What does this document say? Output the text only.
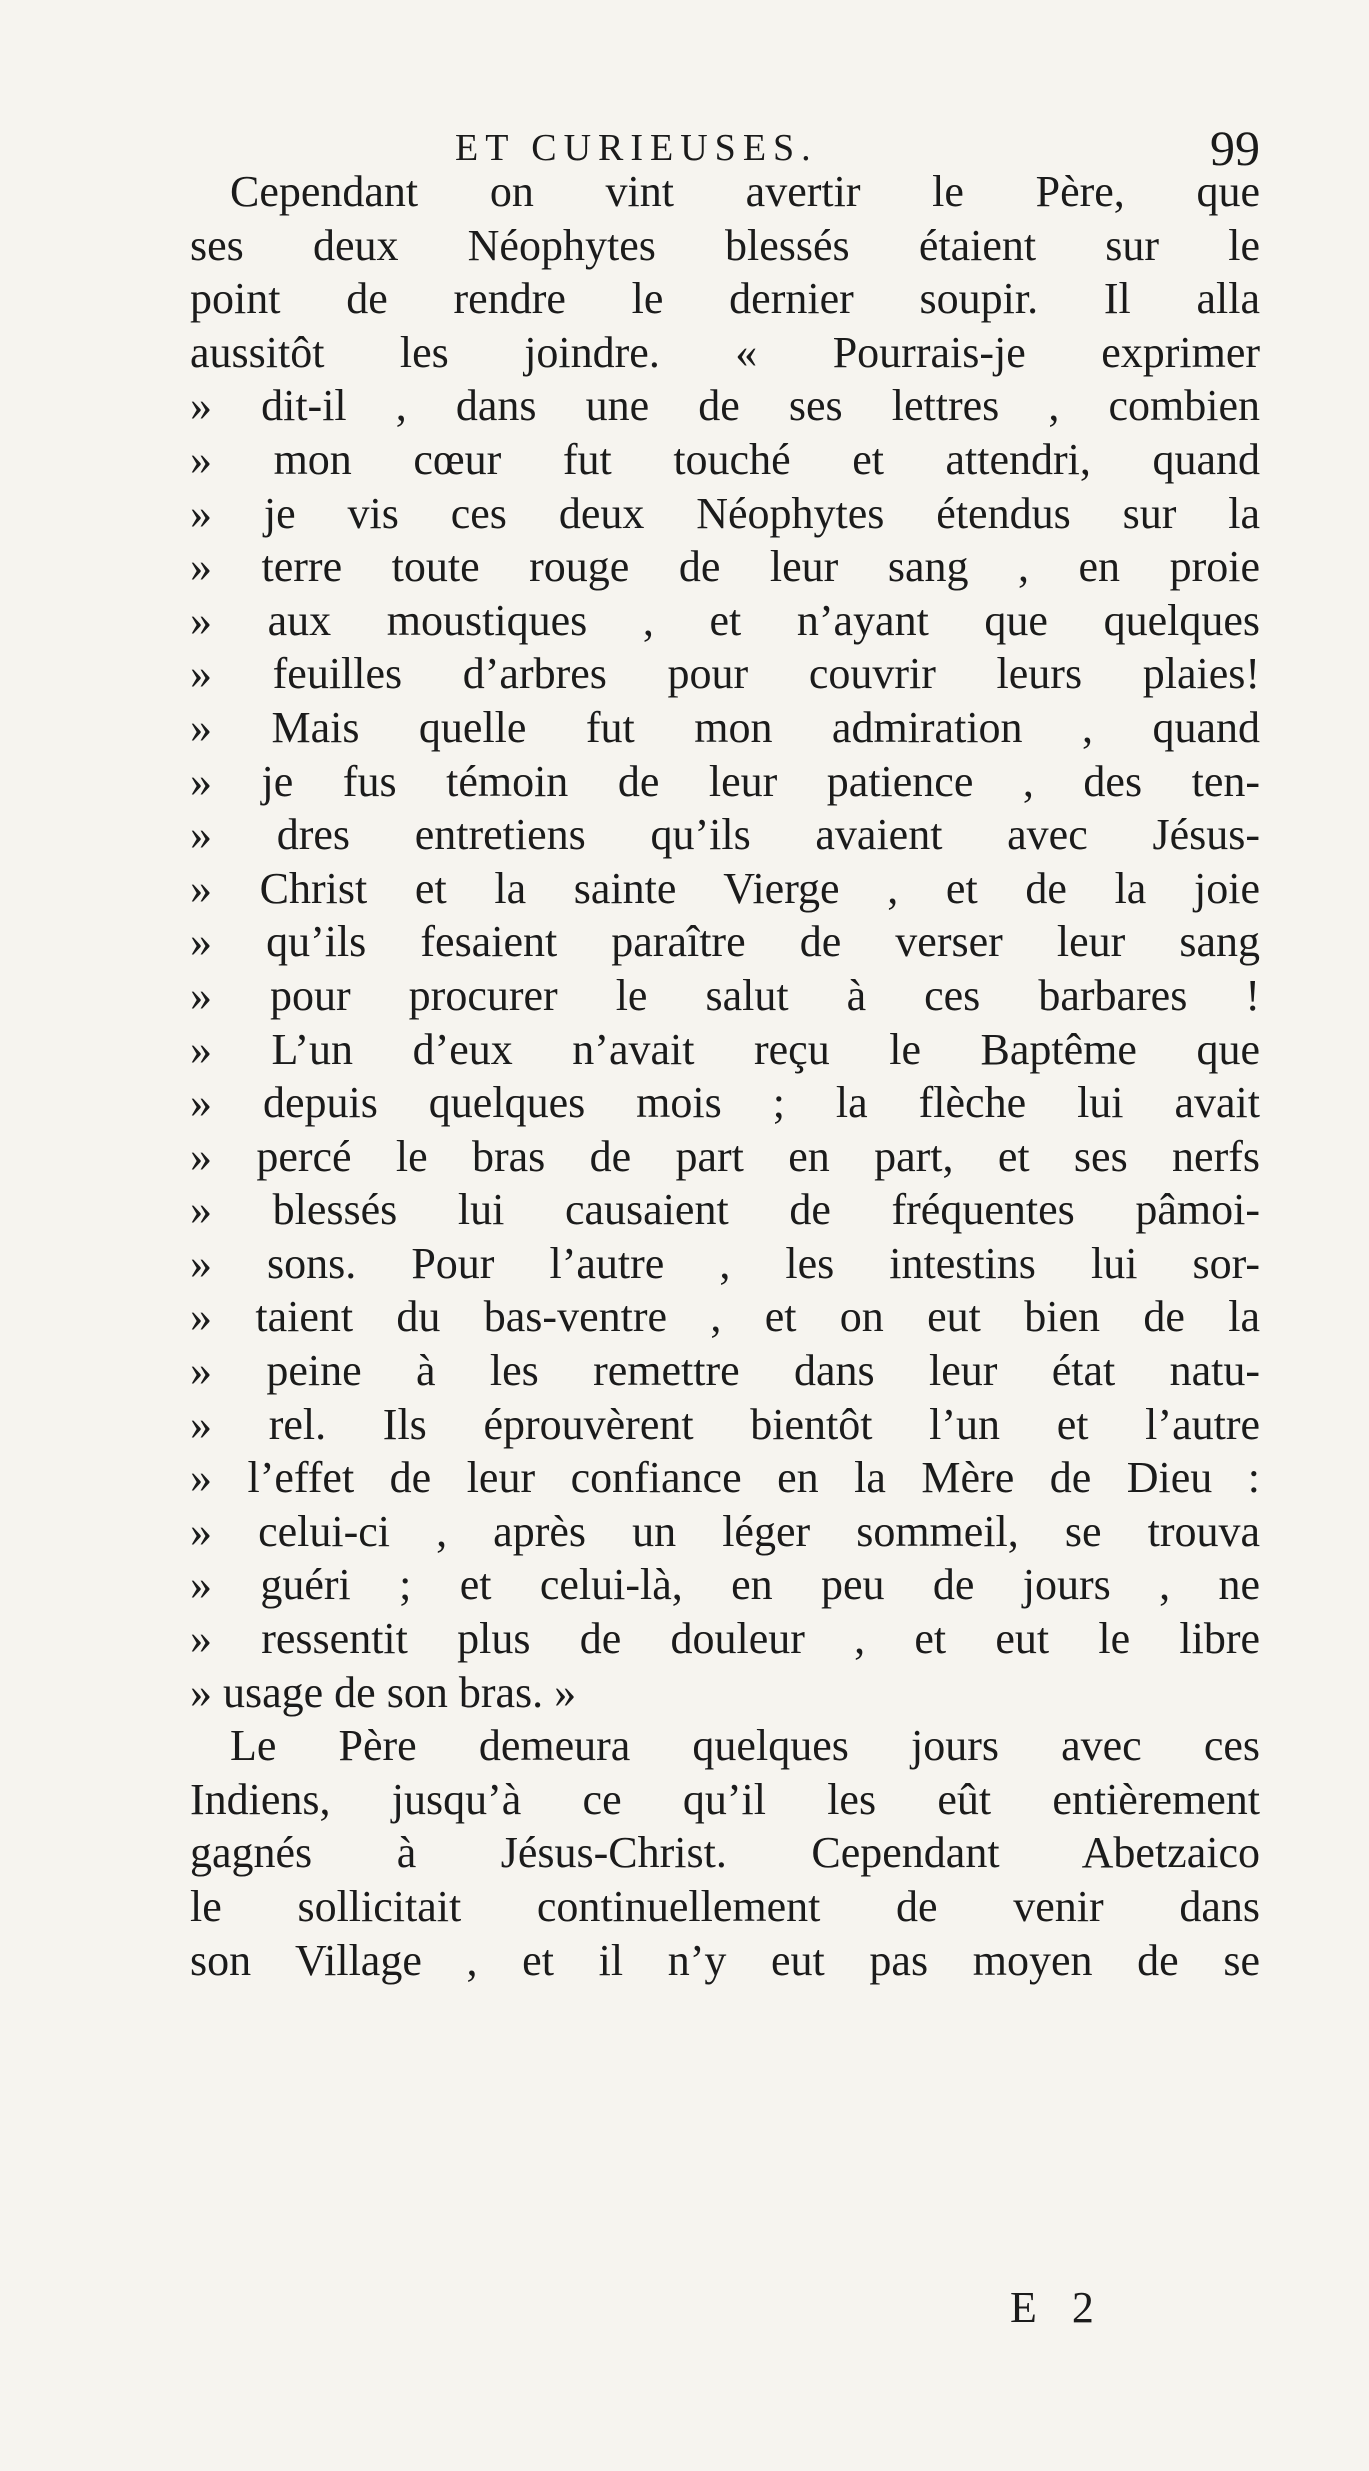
ET CURIEUSES.	99
Cependant on vint avertir le Père, que
ses deux Néophytes blessés étaient sur le
point de rendre le dernier soupir. Il alla
aussitôt les joindre. « Pourrais-je exprimer
» dit-il , dans une de ses lettres , combien
» mon cœur fut touché et attendri, quand
» je vis ces deux Néophytes étendus sur la
» terre toute rouge de leur sang , en proie
» aux moustiques , et n’ayant que quelques
» feuilles d’arbres pour couvrir leurs plaies!
» Mais quelle fut mon admiration , quand
» je fus témoin de leur patience , des ten-
» dres entretiens qu’ils avaient avec Jésus-
» Christ et la sainte Vierge , et de la joie
» qu’ils fesaient paraître de verser leur sang
» pour procurer le salut à ces barbares !
» L’un d’eux n’avait reçu le Baptême que
» depuis quelques mois ; la flèche lui avait
» percé le bras de part en part, et ses nerfs
» blessés lui causaient de fréquentes pâmoi-
» sons. Pour l’autre , les intestins lui sor-
» taient du bas-ventre , et on eut bien de la
» peine à les remettre dans leur état natu-
» rel. Ils éprouvèrent bientôt l’un et l’autre
» l’effet de leur confiance en la Mère de Dieu :
» celui-ci , après un léger sommeil, se trouva
» guéri ; et celui-là, en peu de jours , ne
» ressentit plus de douleur , et eut le libre
» usage de son bras. »
Le Père demeura quelques jours avec ces
Indiens, jusqu’à ce qu’il les eût entièrement
gagnés à Jésus-Christ. Cependant Abetzaico
le sollicitait continuellement de venir dans
son Village , et il n’y eut pas moyen de se
E 2
